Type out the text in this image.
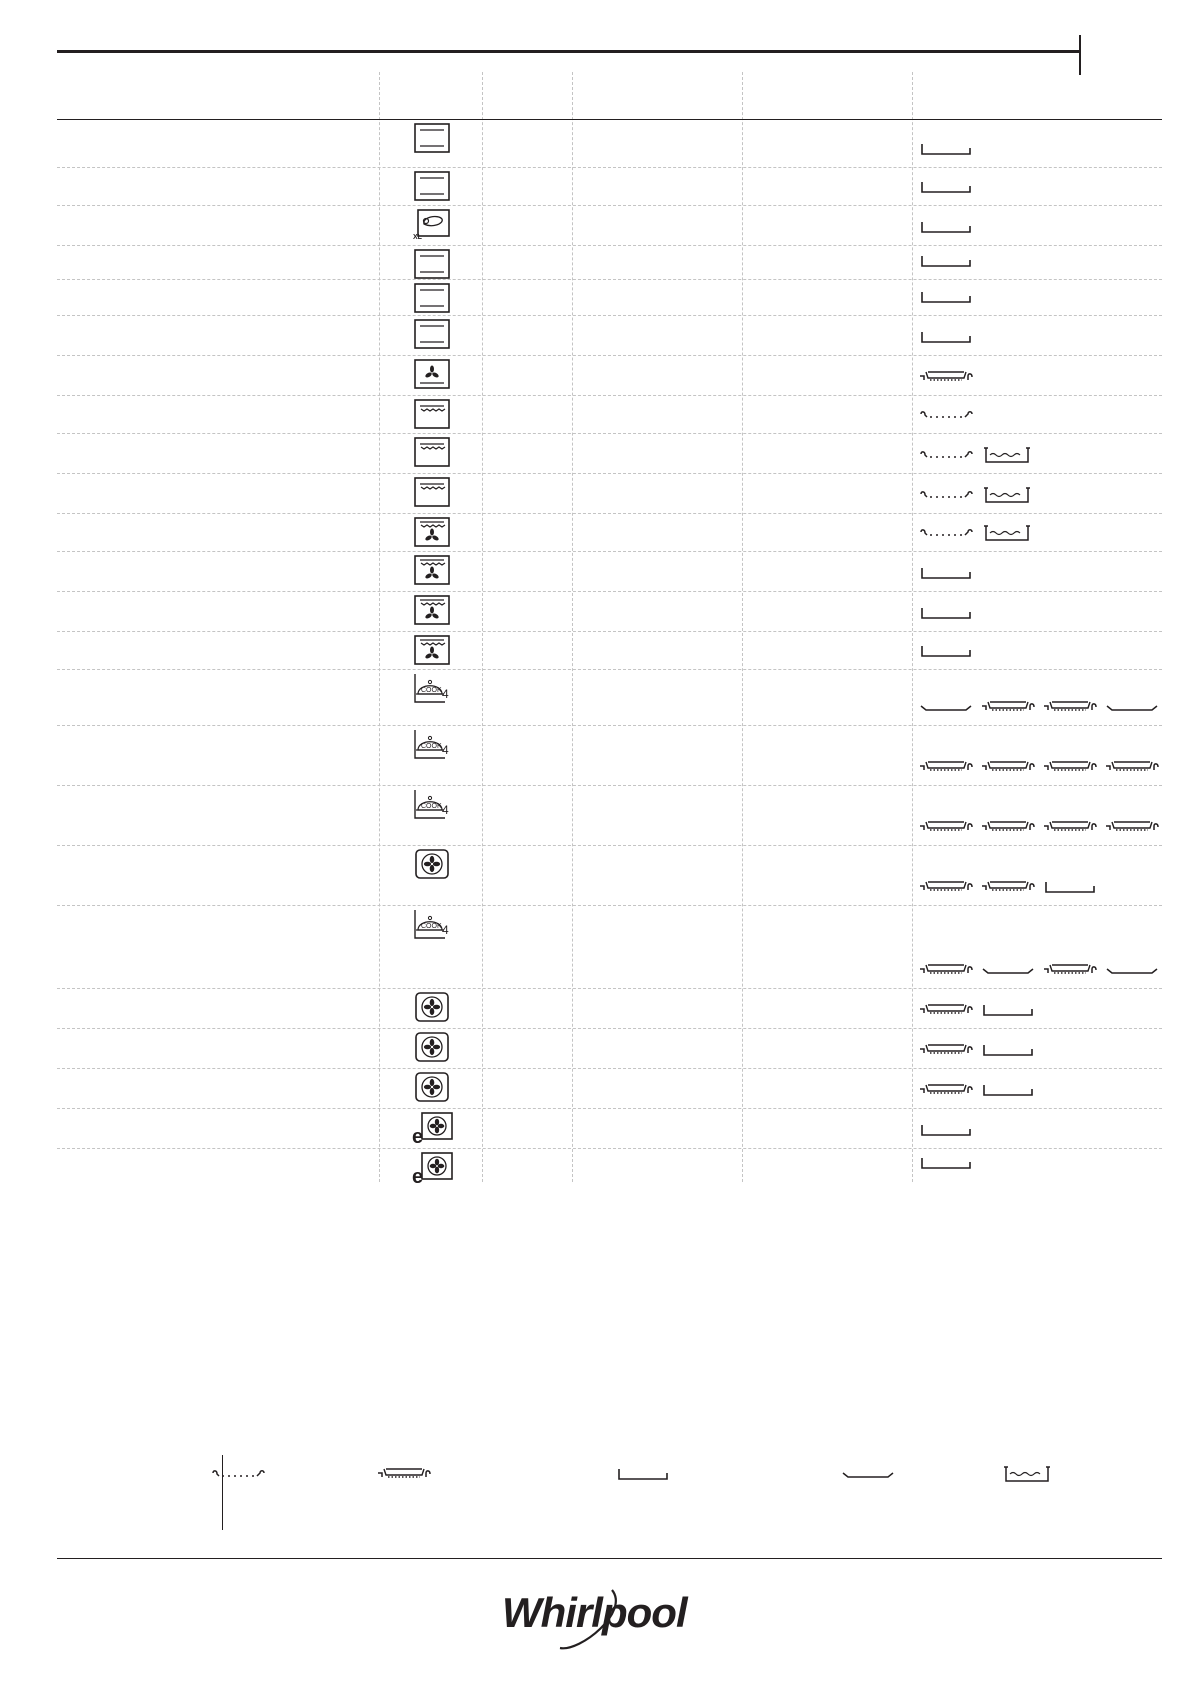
XL
COOK 4
COOK 4
COOK 4
COOK 4
e
e
Whirlpool
